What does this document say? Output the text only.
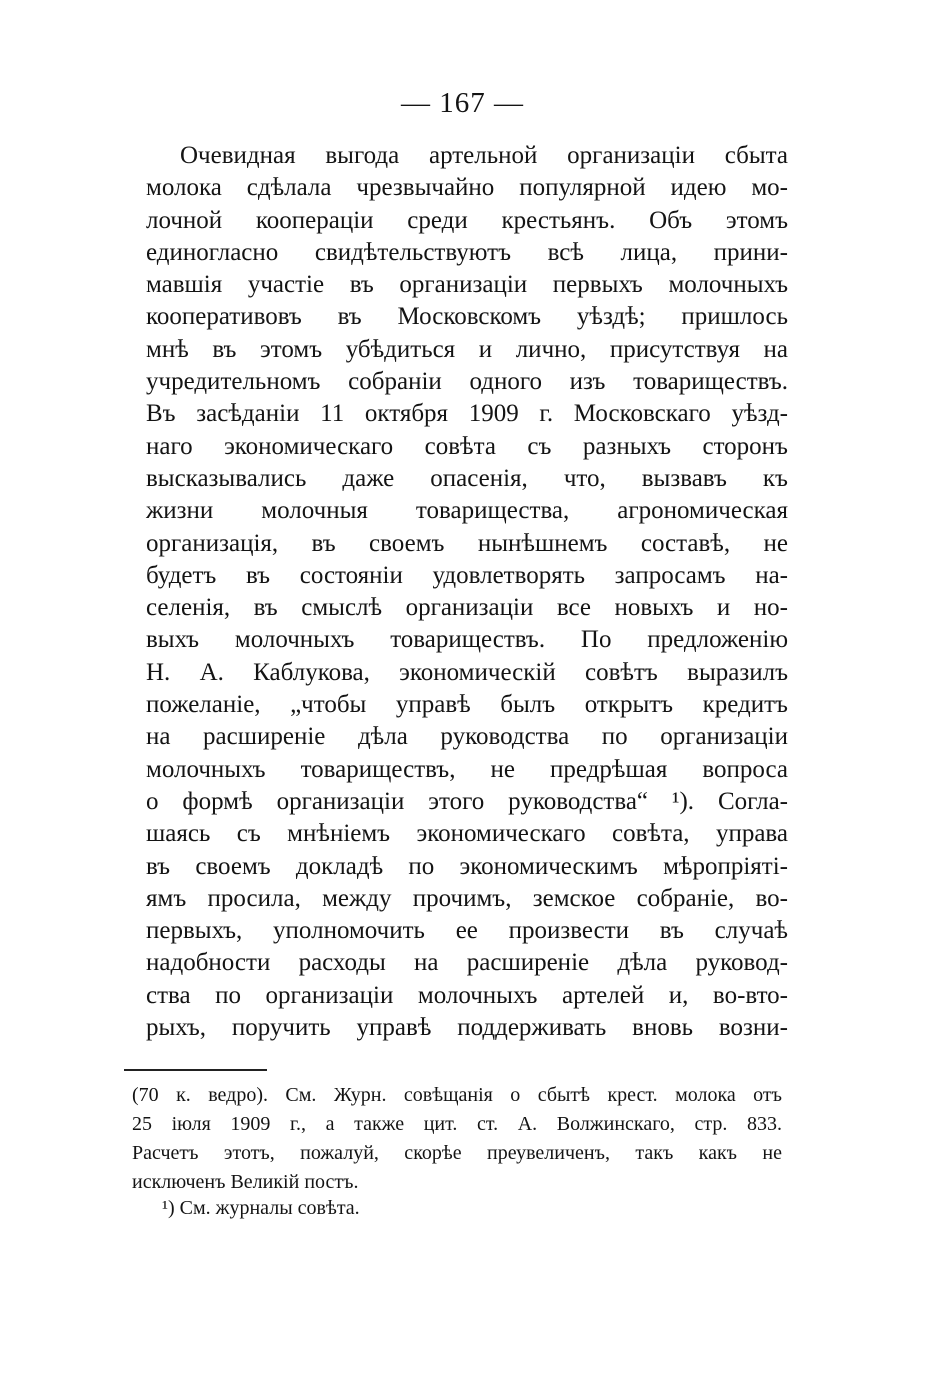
— 167 —
Очевидная выгода артельной организаціи сбыта
молока сдѣлала чрезвычайно популярной идею мо-
лочной коопераціи среди крестьянъ. Объ этомъ
единогласно свидѣтельствуютъ всѣ лица, прини-
мавшія участіе въ организаціи первыхъ молочныхъ
кооперативовъ въ Московскомъ уѣздѣ; пришлось
мнѣ въ этомъ убѣдиться и лично, присутствуя на
учредительномъ собраніи одного изъ товариществъ.
Въ засѣданіи 11 октября 1909 г. Московскаго уѣзд-
наго экономическаго совѣта съ разныхъ сторонъ
высказывались даже опасенія, что, вызвавъ къ
жизни молочныя товарищества, агрономическая
организація, въ своемъ нынѣшнемъ составѣ, не
будетъ въ состояніи удовлетворять запросамъ на-
селенія, въ смыслѣ организаціи все новыхъ и но-
выхъ молочныхъ товариществъ. По предложенію
Н. А. Каблукова, экономическій совѣтъ выразилъ
пожеланіе, „чтобы управѣ былъ открытъ кредитъ
на расширеніе дѣла руководства по организаціи
молочныхъ товариществъ, не предрѣшая вопроса
о формѣ организаціи этого руководства“ ¹). Согла-
шаясь съ мнѣніемъ экономическаго совѣта, управа
въ своемъ докладѣ по экономическимъ мѣропріяті-
ямъ просила, между прочимъ, земское собраніе, во-
первыхъ, уполномочить ее произвести въ случаѣ
надобности расходы на расширеніе дѣла руковод-
ства по организаціи молочныхъ артелей и, во-вто-
рыхъ, поручить управѣ поддерживать вновь возни-
(70 к. ведро). См. Журн. совѣщанія о сбытѣ крест. молока отъ
25 іюля 1909 г., а также цит. ст. А. Волжинскаго, стр. 833.
Расчетъ этотъ, пожалуй, скорѣе преувеличенъ, такъ какъ не
исключенъ Великій постъ.
¹) См. журналы совѣта.
